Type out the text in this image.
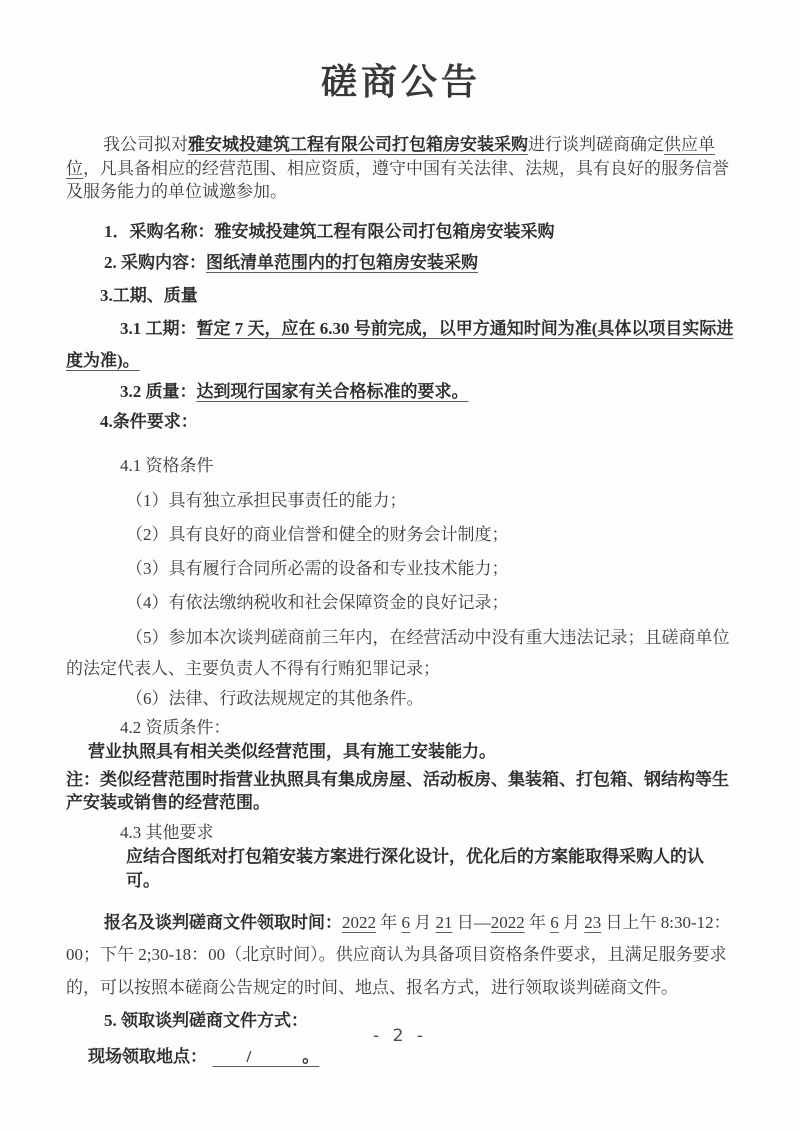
磋商公告

我公司拟对雅安城投建筑工程有限公司打包箱房安装采购进行谈判磋商确定供应单位，凡具备相应的经营范围、相应资质，遵守中国有关法律、法规，具有良好的服务信誉及服务能力的单位诚邀参加。

1．采购名称：雅安城投建筑工程有限公司打包箱房安装采购

2. 采购内容：图纸清单范围内的打包箱房安装采购

3.工期、质量

3.1 工期：暂定 7 天，应在 6.30 号前完成，以甲方通知时间为准(具体以项目实际进度为准)。

3.2 质量：达到现行国家有关合格标准的要求。

4.条件要求：

4.1 资格条件

（1）具有独立承担民事责任的能力；

（2）具有良好的商业信誉和健全的财务会计制度；

（3）具有履行合同所必需的设备和专业技术能力；

（4）有依法缴纳税收和社会保障资金的良好记录；

（5）参加本次谈判磋商前三年内，在经营活动中没有重大违法记录；且磋商单位的法定代表人、主要负责人不得有行贿犯罪记录；

（6）法律、行政法规规定的其他条件。

4.2 资质条件：

营业执照具有相关类似经营范围，具有施工安装能力。

注：类似经营范围时指营业执照具有集成房屋、活动板房、集装箱、打包箱、钢结构等生产安装或销售的经营范围。

4.3 其他要求

应结合图纸对打包箱安装方案进行深化设计，优化后的方案能取得采购人的认可。

报名及谈判磋商文件领取时间：2022 年 6 月 21 日—2022 年 6 月 23 日上午 8:30-12：00；下午 2;30-18：00（北京时间）。供应商认为具备项目资格条件要求，且满足服务要求的，可以按照本磋商公告规定的时间、地点、报名方式，进行领取谈判磋商文件。

5. 领取谈判磋商文件方式：

现场领取地点：　　/　　　。

- 2 -
